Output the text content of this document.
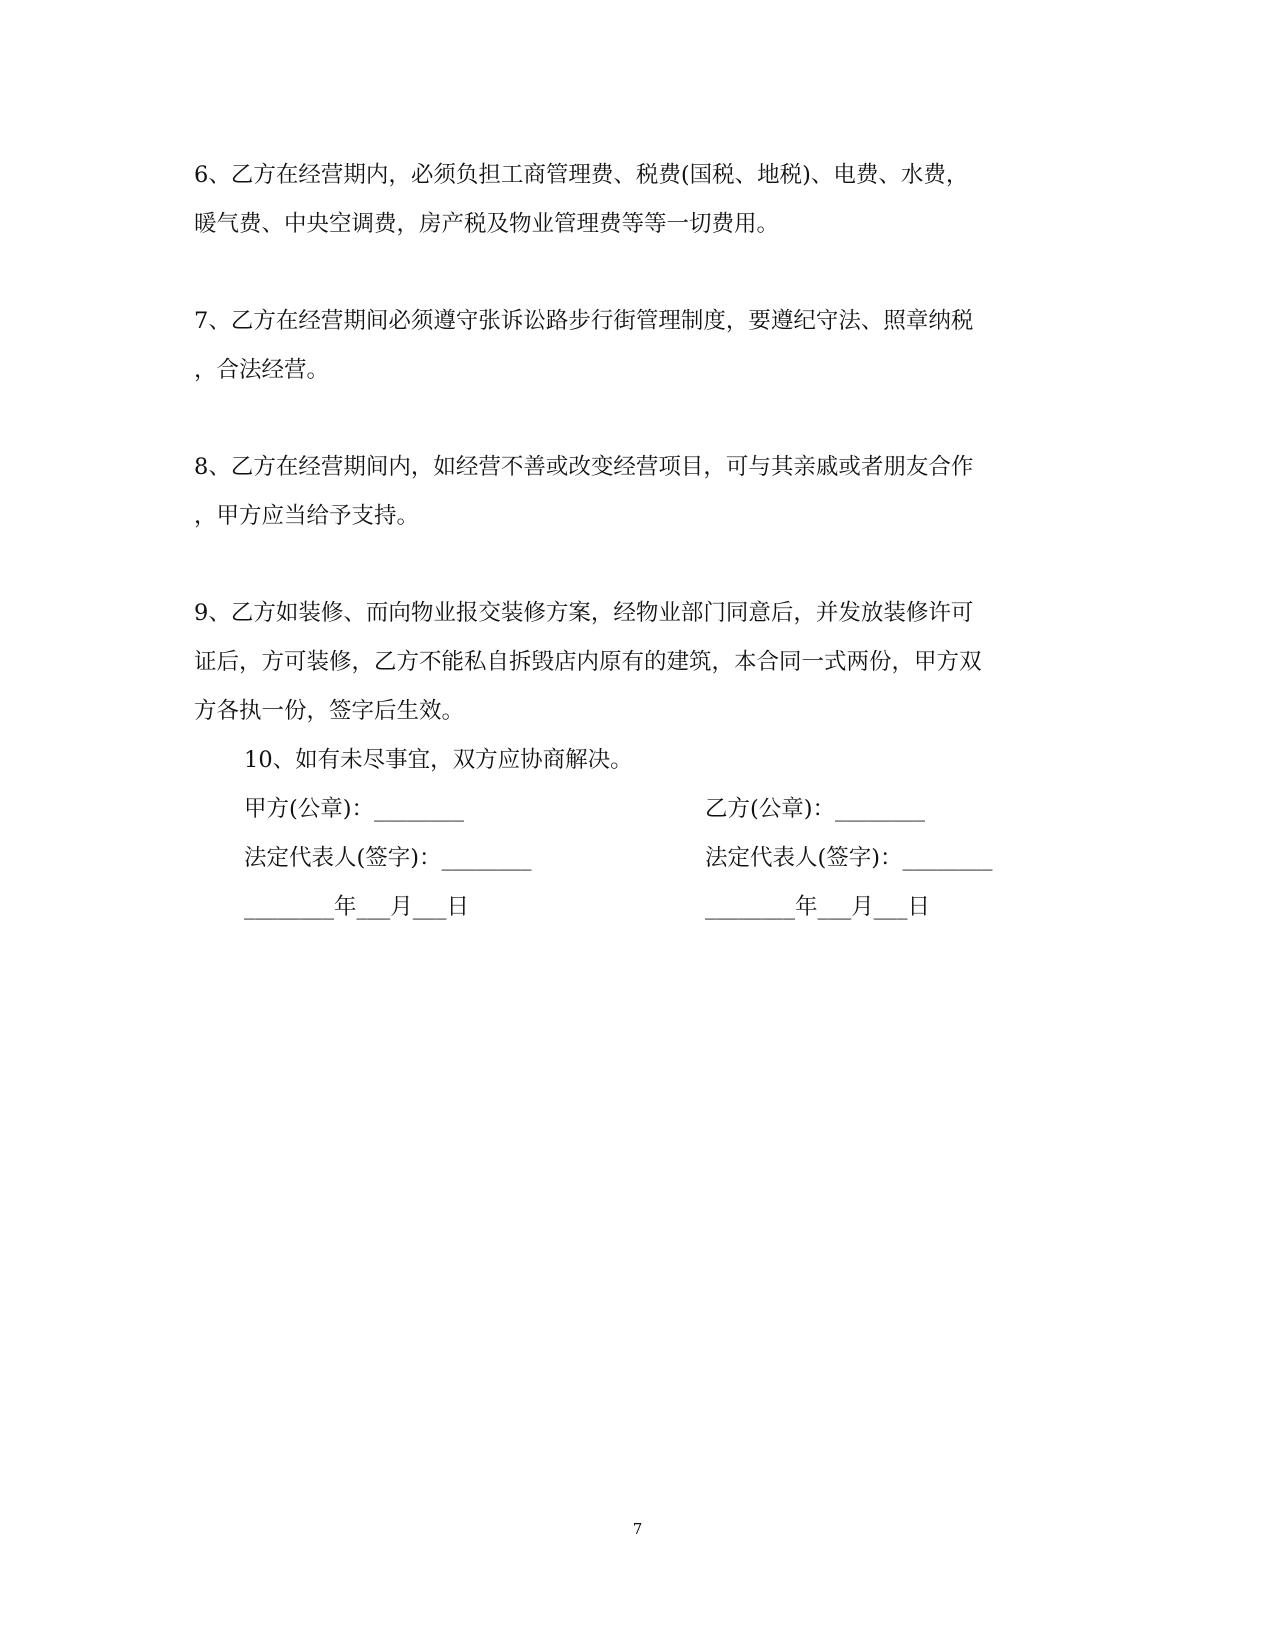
6、乙方在经营期内，必须负担工商管理费、税费(国税、地税)、电费、水费，
暖气费、中央空调费，房产税及物业管理费等等一切费用。
7、乙方在经营期间必须遵守张诉讼路步行街管理制度，要遵纪守法、照章纳税
，合法经营。
8、乙方在经营期间内，如经营不善或改变经营项目，可与其亲戚或者朋友合作
，甲方应当给予支持。
9、乙方如装修、而向物业报交装修方案，经物业部门同意后，并发放装修许可
证后，方可装修，乙方不能私自拆毁店内原有的建筑，本合同一式两份，甲方双
方各执一份，签字后生效。
10、如有未尽事宜，双方应协商解决。
甲方(公章)：________
法定代表人(签字)：________
________年___月___日
乙方(公章)：________
法定代表人(签字)：________
________年___月___日
7
